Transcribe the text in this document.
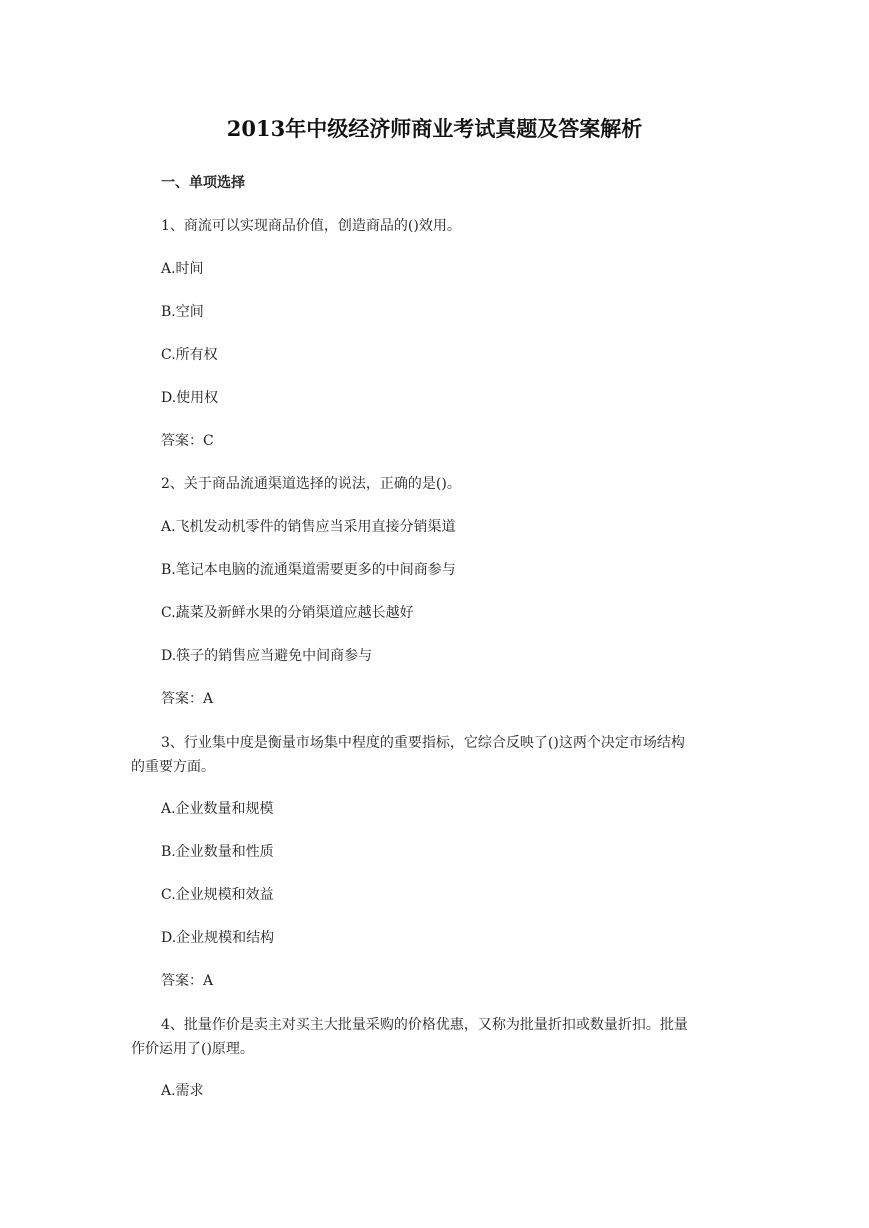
2013年中级经济师商业考试真题及答案解析
一、单项选择
1、商流可以实现商品价值，创造商品的()效用。
A.时间
B.空间
C.所有权
D.使用权
答案：C
2、关于商品流通渠道选择的说法，正确的是()。
A.飞机发动机零件的销售应当采用直接分销渠道
B.笔记本电脑的流通渠道需要更多的中间商参与
C.蔬菜及新鲜水果的分销渠道应越长越好
D.筷子的销售应当避免中间商参与
答案：A
3、行业集中度是衡量市场集中程度的重要指标，它综合反映了()这两个决定市场结构
的重要方面。
A.企业数量和规模
B.企业数量和性质
C.企业规模和效益
D.企业规模和结构
答案：A
4、批量作价是卖主对买主大批量采购的价格优惠，又称为批量折扣或数量折扣。批量
作价运用了()原理。
A.需求
